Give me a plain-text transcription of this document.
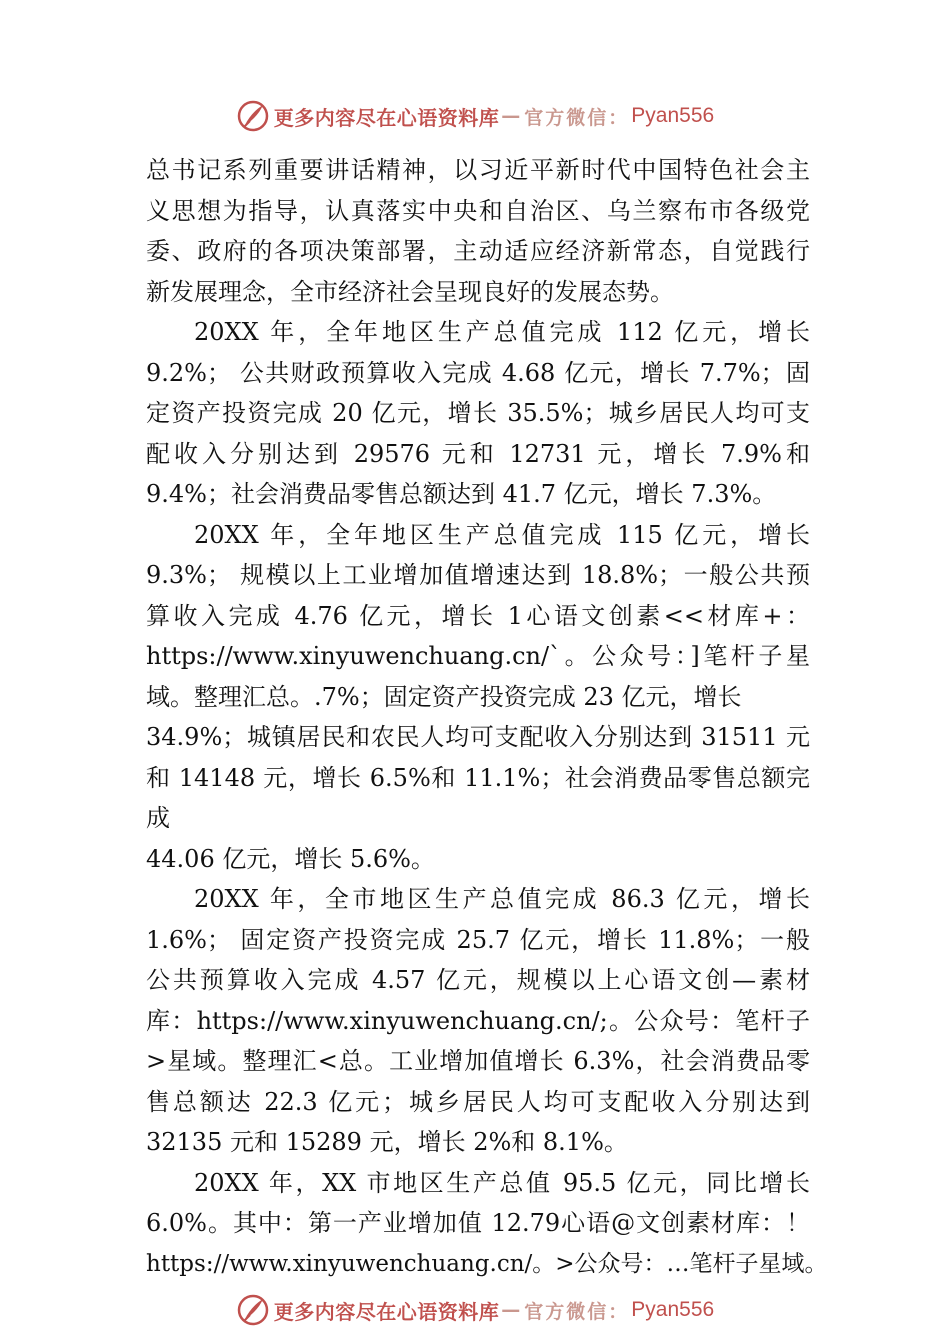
更多内容尽在心语资料库 — 官方微信： Pyan556
总书记系列重要讲话精神，以习近平新时代中国特色社会主
义思想为指导，认真落实中央和自治区、乌兰察布市各级党
委、政府的各项决策部署，主动适应经济新常态，自觉践行
新发展理念，全市经济社会呈现良好的发展态势。
20XX 年，全年地区生产总值完成 112 亿元，增长
9.2%； 公共财政预算收入完成 4.68 亿元，增长 7.7%；固
定资产投资完成 20 亿元，增长 35.5%；城乡居民人均可支
配收入分别达到 29576 元和 12731 元，增长 7.9%和
9.4%；社会消费品零售总额达到 41.7 亿元，增长 7.3%。
20XX 年，全年地区生产总值完成 115 亿元，增长
9.3%； 规模以上工业增加值增速达到 18.8%；一般公共预
算收入完成 4.76 亿元，增长 1心语文创素<<材库+：
https://www.xinyuwenchuang.cn/`。公众号：]笔杆子星
域。整理汇总。.7%；固定资产投资完成 23 亿元，增长
34.9%；城镇居民和农民人均可支配收入分别达到 31511 元
和 14148 元，增长 6.5%和 11.1%；社会消费品零售总额完
成
44.06 亿元，增长 5.6%。
20XX 年，全市地区生产总值完成 86.3 亿元，增长
1.6%； 固定资产投资完成 25.7 亿元，增长 11.8%；一般
公共预算收入完成 4.57 亿元，规模以上心语文创—素材
库：https://www.xinyuwenchuang.cn/;。公众号：笔杆子
>星域。整理汇<总。工业增加值增长 6.3%，社会消费品零
售总额达 22.3 亿元；城乡居民人均可支配收入分别达到
32135 元和 15289 元，增长 2%和 8.1%。
20XX 年，XX 市地区生产总值 95.5 亿元，同比增长
6.0%。其中：第一产业增加值 12.79心语@文创素材库：！
https://www.xinyuwenchuang.cn/。>公众号：…笔杆子星域。
更多内容尽在心语资料库 — 官方微信： Pyan556
